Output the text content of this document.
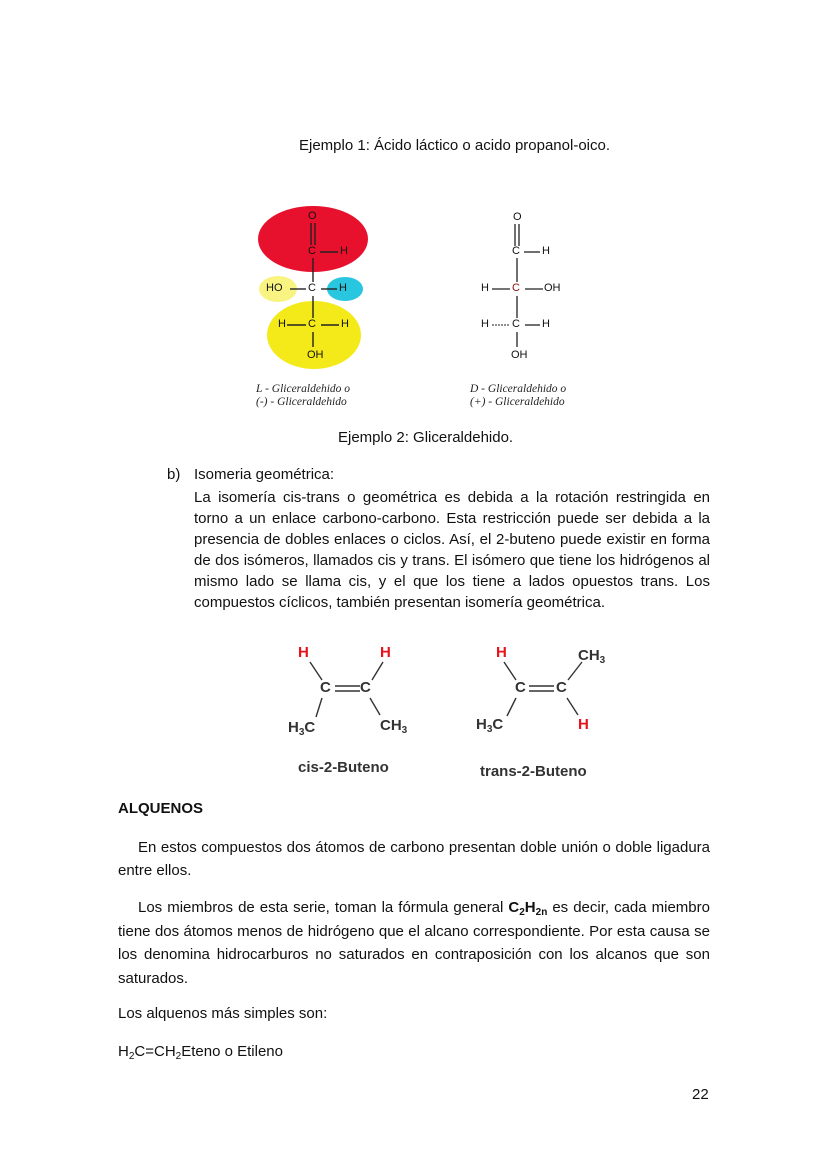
Ejemplo 1: Ácido láctico o acido propanol-oico.
O
C H
HO C H
H C H
OH
L - Gliceraldehido o
(-) - Gliceraldehido
O
C H
H C OH
H C H
OH
D - Gliceraldehido o
(+) - Gliceraldehido
Ejemplo 2: Gliceraldehido.
b) Isomeria geométrica:
La isomería cis-trans o geométrica es debida a la rotación restringida en torno a un enlace carbono-carbono. Esta restricción puede ser debida a la presencia de dobles enlaces o ciclos. Así, el 2-buteno puede existir en forma de dos isómeros, llamados cis y trans. El isómero que tiene los hidrógenos al mismo lado se llama cis, y el que los tiene a lados opuestos trans. Los compuestos cíclicos, también presentan isomería geométrica.
H	H
C C
$H_3C$	$CH_3$
cis-2-Buteno
H	$CH_3$
C C
$H_3C$	H
trans-2-Buteno
ALQUENOS
En estos compuestos dos átomos de carbono presentan doble unión o doble ligadura entre ellos.
Los miembros de esta serie, toman la fórmula general $C_2H_{2n}$ es decir, cada miembro tiene dos átomos menos de hidrógeno que el alcano correspondiente. Por esta causa se los denomina hidrocarburos no saturados en contraposición con los alcanos que son saturados.
Los alquenos más simples son:
$H_2C=CH_2Eteno$ o Etileno
22
